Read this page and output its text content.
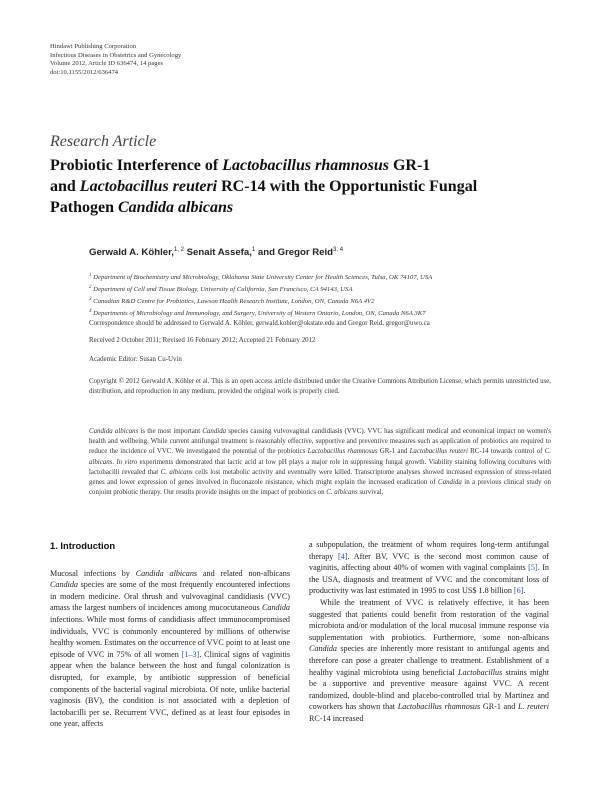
Hindawi Publishing Corporation
Infectious Diseases in Obstetrics and Gynecology
Volume 2012, Article ID 636474, 14 pages
doi:10.1155/2012/636474
Research Article
Probiotic Interference of Lactobacillus rhamnosus GR-1
and Lactobacillus reuteri RC-14 with the Opportunistic Fungal
Pathogen Candida albicans
Gerwald A. Köhler,$^{1, 2}$ Senait Assefa,$^1$ and Gregor Reid$^{3, 4}$
$^1$ Department of Biochemistry and Microbiology, Oklahoma State University Center for Health Sciences, Tulsa, OK 74107, USA
$^2$ Department of Cell and Tissue Biology, University of California, San Francisco, CA 94143, USA
$^3$ Canadian R&D Centre for Probiotics, Lawson Health Research Institute, London, ON, Canada N6A 4V2
$^4$ Departments of Microbiology and Immunology, and Surgery, University of Western Ontario, London, ON, Canada N6A 3K7
Correspondence should be addressed to Gerwald A. Köhler, gerwald.kohler@okstate.edu and Gregor Reid, gregor@uwo.ca
Received 2 October 2011; Revised 16 February 2012; Accepted 21 February 2012
Academic Editor: Susan Cu-Uvin
Copyright © 2012 Gerwald A. Köhler et al. This is an open access article distributed under the Creative Commons Attribution License, which permits unrestricted use, distribution, and reproduction in any medium, provided the original work is properly cited.
Candida albicans is the most important Candida species causing vulvovaginal candidiasis (VVC). VVC has significant medical and economical impact on women's health and wellbeing. While current antifungal treatment is reasonably effective, supportive and preventive measures such as application of probiotics are required to reduce the incidence of VVC. We investigated the potential of the probiotics Lactobacillus rhamnosus GR-1 and Lactobacillus reuteri RC-14 towards control of C. albicans. In vitro experiments demonstrated that lactic acid at low pH plays a major role in suppressing fungal growth. Viability staining following cocultures with lactobacilli revealed that C. albicans cells lost metabolic activity and eventually were killed. Transcriptome analyses showed increased expression of stress-related genes and lower expression of genes involved in fluconazole resistance, which might explain the increased eradication of Candida in a previous clinical study on conjoint probiotic therapy. Our results provide insights on the impact of probiotics on C. albicans survival.
1. Introduction

Mucosal infections by Candida albicans and related non-albicans Candida species are some of the most frequently encountered infections in modern medicine. Oral thrush and vulvovaginal candidiasis (VVC) amass the largest numbers of incidences among mucocutaneous Candida infections. While most forms of candidiasis affect immunocompromised individuals, VVC is commonly encountered by millions of otherwise healthy women. Estimates on the occurrence of VVC point to at least one episode of VVC in 75% of all women [1–3]. Clinical signs of vaginitis appear when the balance between the host and fungal colonization is disrupted, for example, by antibiotic suppression of beneficial components of the bacterial vaginal microbiota. Of note, unlike bacterial vaginosis (BV), the condition is not associated with a depletion of lactobacilli per se. Recurrent VVC, defined as at least four episodes in one year, affects

a subpopulation, the treatment of whom requires long-term antifungal therapy [4]. After BV, VVC is the second most common cause of vaginitis, affecting about 40% of women with vaginal complaints [5]. In the USA, diagnosis and treatment of VVC and the concomitant loss of productivity was last estimated in 1995 to cost US$ 1.8 billion [6].

While the treatment of VVC is relatively effective, it has been suggested that patients could benefit from restoration of the vaginal microbiota and/or modulation of the local mucosal immune response via supplementation with probiotics. Furthermore, some non-albicans Candida species are inherently more resistant to antifungal agents and therefore can pose a greater challenge to treatment. Establishment of a healthy vaginal microbiota using beneficial Lactobacillus strains might be a supportive and preventive measure against VVC. A recent randomized, double-blind and placebo-controlled trial by Martinez and coworkers has shown that Lactobacillus rhamnosus GR-1 and L. reuteri RC-14 increased
